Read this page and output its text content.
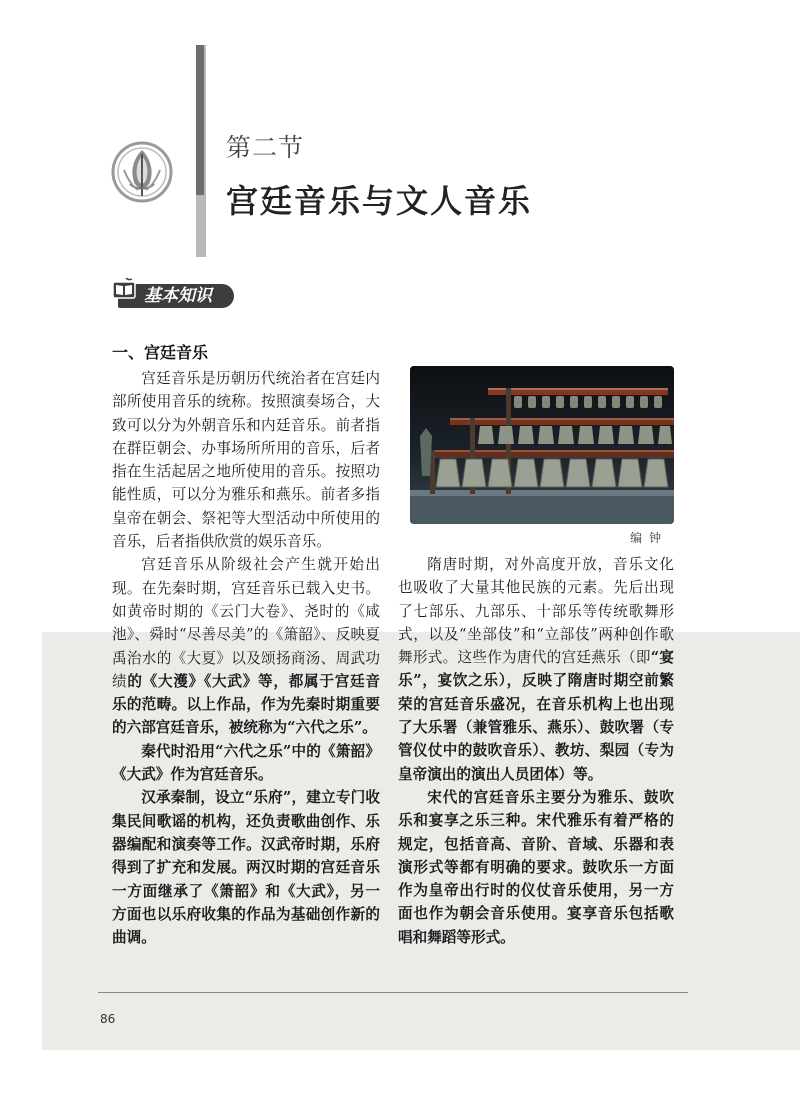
第二节
宫廷音乐与文人音乐
基本知识
一、宫廷音乐

宫廷音乐是历朝历代统治者在宫廷内部所使用音乐的统称。按照演奏场合，大致可以分为外朝音乐和内廷音乐。前者指在群臣朝会、办事场所所用的音乐，后者指在生活起居之地所使用的音乐。按照功能性质，可以分为雅乐和燕乐。前者多指皇帝在朝会、祭祀等大型活动中所使用的音乐，后者指供欣赏的娱乐音乐。

宫廷音乐从阶级社会产生就开始出现。在先秦时期，宫廷音乐已载入史书。如黄帝时期的《云门大卷》、尧时的《咸池》、舜时“尽善尽美”的《箫韶》、反映夏禹治水的《大夏》以及颂扬商汤、周武功绩的《大濩》《大武》等，都属于宫廷音乐的范畴。以上作品，作为先秦时期重要的六部宫廷音乐，被统称为“六代之乐”。

秦代时沿用“六代之乐”中的《箫韶》《大武》作为宫廷音乐。

汉承秦制，设立“乐府”，建立专门收集民间歌谣的机构，还负责歌曲创作、乐器编配和演奏等工作。汉武帝时期，乐府得到了扩充和发展。两汉时期的宫廷音乐一方面继承了《箫韶》和《大武》，另一方面也以乐府收集的作品为基础创作新的曲调。

编钟

隋唐时期，对外高度开放，音乐文化也吸收了大量其他民族的元素。先后出现了七部乐、九部乐、十部乐等传统歌舞形式，以及“坐部伎”和“立部伎”两种创作歌舞形式。这些作为唐代的宫廷燕乐（即“宴乐”，宴饮之乐），反映了隋唐时期空前繁荣的宫廷音乐盛况，在音乐机构上也出现了大乐署（兼管雅乐、燕乐）、鼓吹署（专管仪仗中的鼓吹音乐）、教坊、梨园（专为皇帝演出的演出人员团体）等。

宋代的宫廷音乐主要分为雅乐、鼓吹乐和宴享之乐三种。宋代雅乐有着严格的规定，包括音高、音阶、音域、乐器和表演形式等都有明确的要求。鼓吹乐一方面作为皇帝出行时的仪仗音乐使用，另一方面也作为朝会音乐使用。宴享音乐包括歌唱和舞蹈等形式。

86
